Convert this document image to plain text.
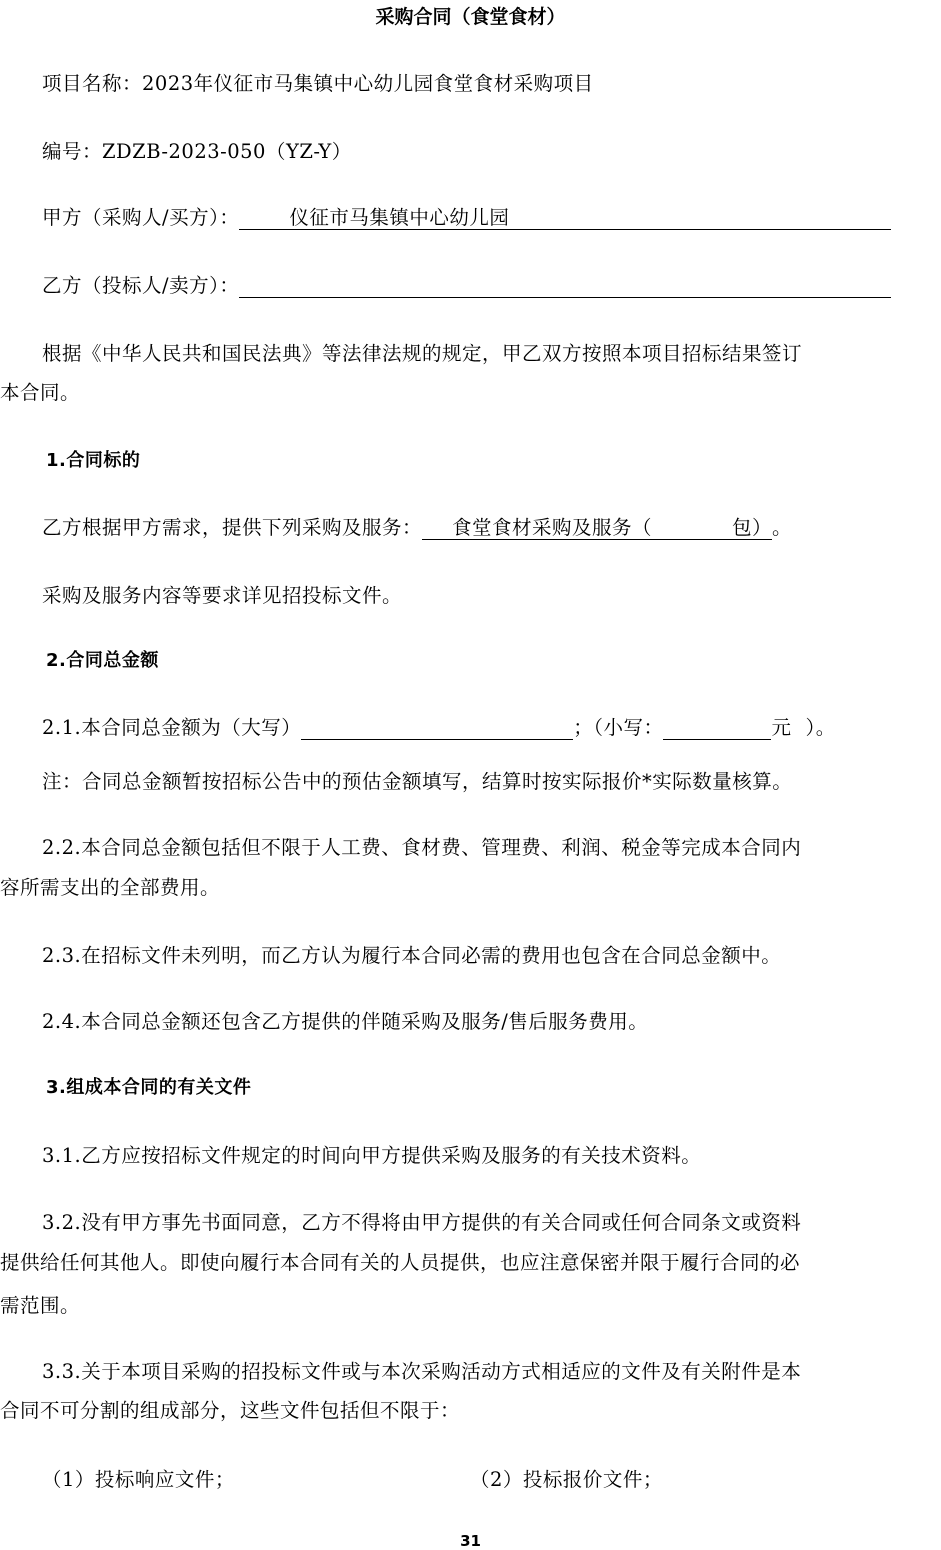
采购合同（食堂食材）
项目名称：2023年仪征市马集镇中心幼儿园食堂食材采购项目
编号：ZDZB-2023-050（YZ-Y）
甲方（采购人/买方）：	仪征市马集镇中心幼儿园
乙方（投标人/卖方）：
根据《中华人民共和国民法典》等法律法规的规定，甲乙双方按照本项目招标结果签订
本合同。
1.合同标的
乙方根据甲方需求，提供下列采购及服务： 食堂食材采购及服务（	包）。
采购及服务内容等要求详见招投标文件。
2.合同总金额
2.1.本合同总金额为（大写）	；（小写：	元 ）。
注：合同总金额暂按招标公告中的预估金额填写，结算时按实际报价*实际数量核算。
2.2.本合同总金额包括但不限于人工费、食材费、管理费、利润、税金等完成本合同内
容所需支出的全部费用。
2.3.在招标文件未列明，而乙方认为履行本合同必需的费用也包含在合同总金额中。
2.4.本合同总金额还包含乙方提供的伴随采购及服务/售后服务费用。
3.组成本合同的有关文件
3.1.乙方应按招标文件规定的时间向甲方提供采购及服务的有关技术资料。
3.2.没有甲方事先书面同意，乙方不得将由甲方提供的有关合同或任何合同条文或资料
提供给任何其他人。即使向履行本合同有关的人员提供，也应注意保密并限于履行合同的必
需范围。
3.3.关于本项目采购的招投标文件或与本次采购活动方式相适应的文件及有关附件是本
合同不可分割的组成部分，这些文件包括但不限于：
（1）投标响应文件；	（2）投标报价文件；
31
